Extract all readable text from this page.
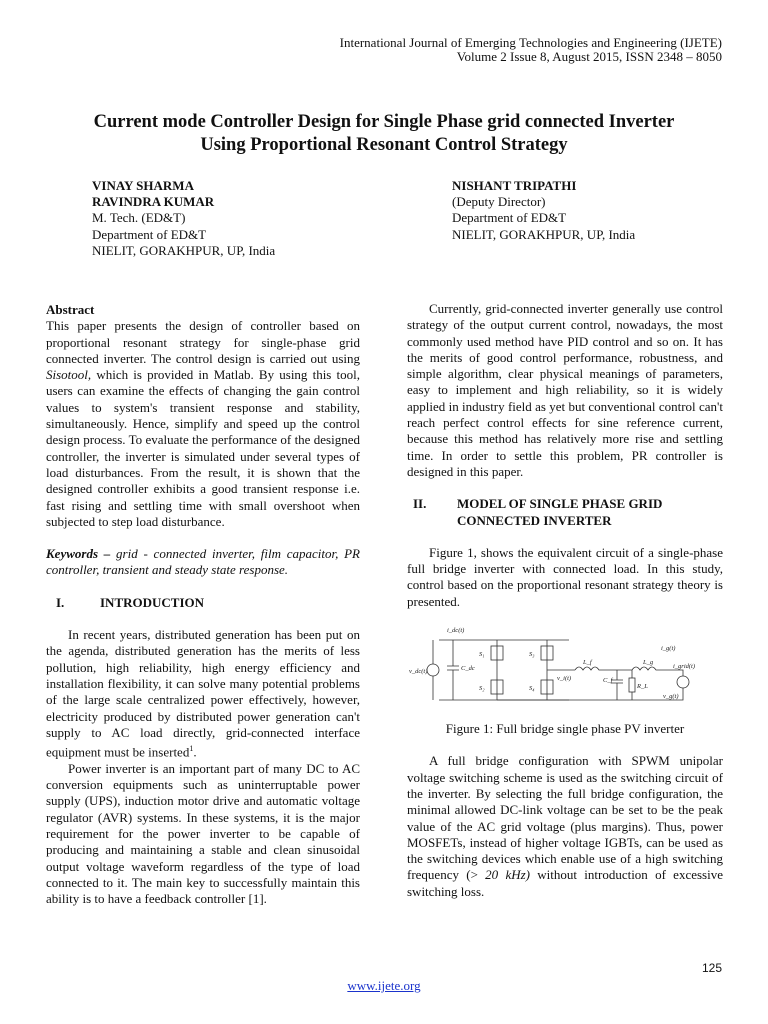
International Journal of Emerging Technologies and Engineering (IJETE)
Volume 2 Issue 8, August 2015, ISSN 2348 – 8050
Current mode Controller Design for Single Phase grid connected Inverter
Using Proportional Resonant Control Strategy
VINAY SHARMA
RAVINDRA KUMAR
M. Tech. (ED&T)
Department of ED&T
NIELIT, GORAKHPUR, UP, India
NISHANT TRIPATHI
(Deputy Director)
Department of ED&T
NIELIT, GORAKHPUR, UP, India

Abstract

This paper presents the design of controller based on proportional resonant strategy for single-phase grid connected inverter. The control design is carried out using Sisotool, which is provided in Matlab. By using this tool, users can examine the effects of changing the gain control values to system's transient response and stability, simultaneously. Hence, simplify and speed up the control design process. To evaluate the performance of the designed controller, the inverter is simulated under several types of load disturbances. From the result, it is shown that the designed controller exhibits a good transient response i.e. fast rising and settling time with small overshoot when subjected to step load disturbance.

Keywords – grid - connected inverter, film capacitor, PR controller, transient and steady state response.

I.	INTRODUCTION

In recent years, distributed generation has been put on the agenda, distributed generation has the merits of less pollution, high reliability, high energy efficiency and installation flexibility, it can solve many potential problems of the large scale centralized power effectively, however, electricity produced by distributed power generation can't supply to AC load directly, grid-connected interface equipment must be inserted$^1$.

Power inverter is an important part of many DC to AC conversion equipments such as uninterruptable power supply (UPS), induction motor drive and automatic voltage regulator (AVR) systems. In these systems, it is the major requirement for the power inverter to be capable of producing and maintaining a stable and clean sinusoidal output voltage waveform regardless of the type of load connected to it. The main key to successfully maintain this ability is to have a feedback controller [1].

Currently, grid-connected inverter generally use control strategy of the output current control, nowadays, the most commonly used method have PID control and so on. It has the merits of good control performance, robustness, and simple algorithm, clear physical meanings of parameters, easy to implement and high reliability, so it is widely applied in industry field as yet but conventional control can't reach perfect control effects for sine reference current, because this method has relatively more rise and settling time. In order to settle this problem, PR controller is designed in this paper.

II.	MODEL OF SINGLE PHASE GRID
CONNECTED INVERTER

Figure 1, shows the equivalent circuit of a single-phase full bridge inverter with connected load. In this study, control based on the proportional resonant strategy theory is presented.

i_dc(t)
v_dc(t)	C_dc
S₁
S₂
S₃
S₄
L_f
C_f
R_L
L_g
i_g(t)
v_i(t)
v_g(t)
i_grid(t)

Figure 1: Full bridge single phase PV inverter

A full bridge configuration with SPWM unipolar voltage switching scheme is used as the switching circuit of the inverter. By selecting the full bridge configuration, the minimal allowed DC-link voltage can be set to be the peak value of the AC grid voltage (plus margins). Thus, power MOSFETs, instead of higher voltage IGBTs, can be used as the switching devices which enable use of a high switching frequency (> 20 kHz) without introduction of excessive switching loss.

125
www.ijete.org
